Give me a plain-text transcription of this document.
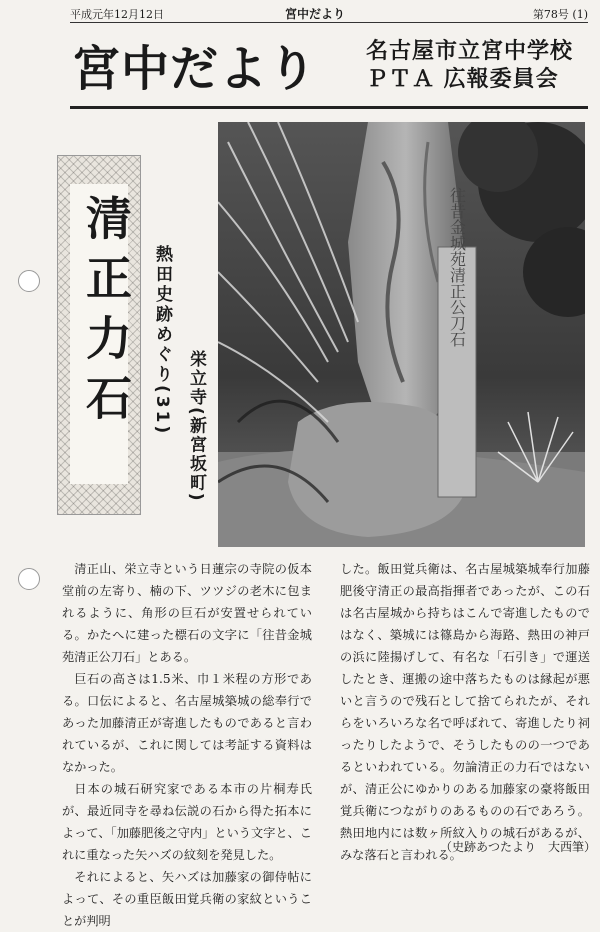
平成元年12月12日	宮中だより	第78号 (1)
宮中だより 名古屋市立宮中学校
ＰＴＡ 広報委員会
清正力石	熱田史跡めぐり(31) 栄立寺(新宮坂町)
往昔金城苑清正公刀石

清正山、栄立寺という日蓮宗の寺院の仮本堂前の左寄り、楠の下、ツツジの老木に包まれるように、角形の巨石が安置せられている。かたへに建った標石の文字に「往昔金城苑清正公刀石」とある。

巨石の高さは1.5米、巾１米程の方形である。口伝によると、名古屋城築城の総奉行であった加藤清正が寄進したものであると言われているが、これに関しては考証する資料はなかった。

日本の城石研究家である本市の片桐寿氏が、最近同寺を尋ね伝説の石から得た拓本によって、「加藤肥後之守内」という文字と、これに重なった矢ハズの紋刻を発見した。

それによると、矢ハズは加藤家の御侍帖によって、その重臣飯田覚兵衛の家紋ということが判明

した。飯田覚兵衛は、名古屋城築城奉行加藤肥後守清正の最高指揮者であったが、この石は名古屋城から持ちはこんで寄進したものではなく、築城には篠島から海路、熱田の神戸の浜に陸揚げして、有名な「石引き」で運送したとき、運搬の途中落ちたものは縁起が悪いと言うので残石として捨てられたが、それらをいろいろな名で呼ばれて、寄進したり祠ったりしたようで、そうしたものの一つであるといわれている。勿論清正の力石ではないが、清正公にゆかりのある加藤家の豪将飯田覚兵衛につながりのあるものの石であろう。熱田地内には数ヶ所紋入りの城石があるが、みな落石と言われる。

（史跡あつたより　大西筆）
